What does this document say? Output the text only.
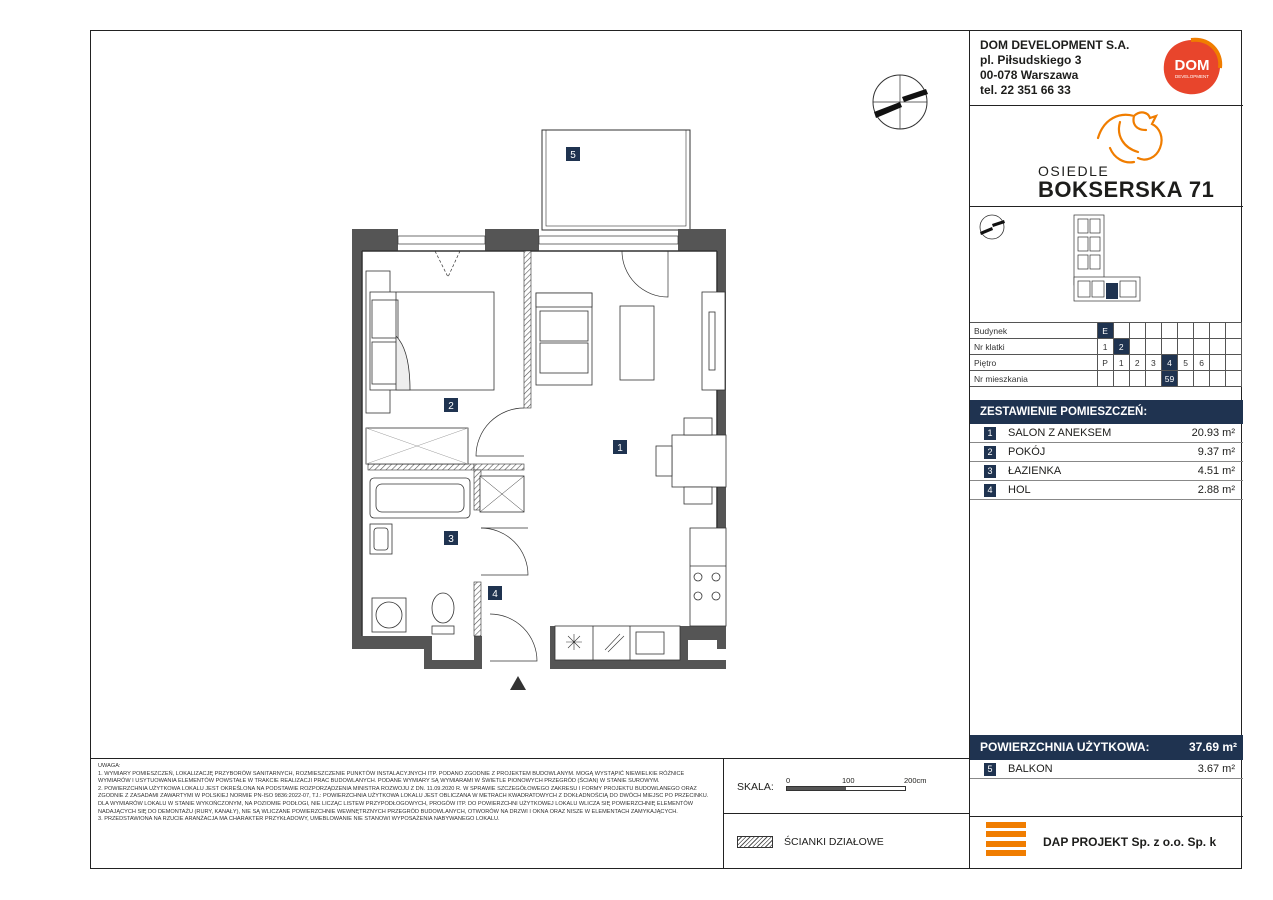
1
2
3
4
5

UWAGA:

1. WYMIARY POMIESZCZEŃ, LOKALIZACJĘ PRZYBORÓW SANITARNYCH, ROZMIESZCZENIE PUNKTÓW INSTALACYJNYCH ITP. PODANO ZGODNIE Z PROJEKTEM BUDOWLANYM. MOGĄ WYSTĄPIĆ NIEWIELKIE RÓŻNICE WYMIARÓW I USYTUOWANIA ELEMENTÓW POWSTAŁE W TRAKCIE REALIZACJI PRAC BUDOWLANYCH. PODANE WYMIARY SĄ WYMIARAMI W ŚWIETLE PIONOWYCH PRZEGRÓD (ŚCIAN) W STANIE SUROWYM.

2. POWIERZCHNIA UŻYTKOWA LOKALU JEST OKREŚLONA NA PODSTAWIE ROZPORZĄDZENIA MINISTRA ROZWOJU Z DN. 11.09.2020 R. W SPRAWIE SZCZEGÓŁOWEGO ZAKRESU I FORMY PROJEKTU BUDOWLANEGO ORAZ ZGODNIE Z ZASADAMI ZAWARTYMI W POLSKIEJ NORMIE PN-ISO 9836:2022-07, TJ.: POWIERZCHNIA UŻYTKOWA LOKALU JEST OBLICZANA W METRACH KWADRATOWYCH Z DOKŁADNOŚCIĄ DO DWÓCH MIEJSC PO PRZECINKU. DLA WYMIARÓW LOKALU W STANIE WYKOŃCZONYM, NA POZIOMIE PODŁOGI, NIE LICZĄC LISTEW PRZYPODŁOGOWYCH, PROGÓW ITP. DO POWIERZCHNI UŻYTKOWEJ LOKALU WLICZA SIĘ POWIERZCHNIĘ ELEMENTÓW NADAJĄCYCH SIĘ DO DEMONTAŻU (RURY, KANAŁY), NIE SĄ WLICZANE POWIERZCHNIE WEWNĘTRZNYCH PRZEGRÓD BUDOWLANYCH, OTWORÓW NA DRZWI I OKNA ORAZ NISZE W ELEMENTACH ZAMYKAJĄCYCH.

3. PRZEDSTAWIONA NA RZUCIE ARANŻACJA MA CHARAKTER PRZYKŁADOWY, UMEBLOWANIE NIE STANOWI WYPOSAŻENIA NABYWANEGO LOKALU.

SKALA:
0	100	200cm
ŚCIANKI DZIAŁOWE
DOM DEVELOPMENT S.A.
pl. Piłsudskiego 3
00-078 Warszawa
tel. 22 351 66 33
DOM
DEVELOPMENT
OSIEDLE
BOKSERSKA 71
Budynek	E								
Nr klatki	1	2							
Piętro	P	1	2	3	4	5	6		
Nr mieszkania					59				
ZESTAWIENIE POMIESZCZEŃ:
1	SALON Z ANEKSEM	20.93 m²
2	POKÓJ	9.37 m²
3	ŁAZIENKA	4.51 m²
4	HOL	2.88 m²
POWIERZCHNIA UŻYTKOWA:	37.69 m²
5	BALKON	3.67 m²
DAP PROJEKT Sp. z o.o. Sp. k
